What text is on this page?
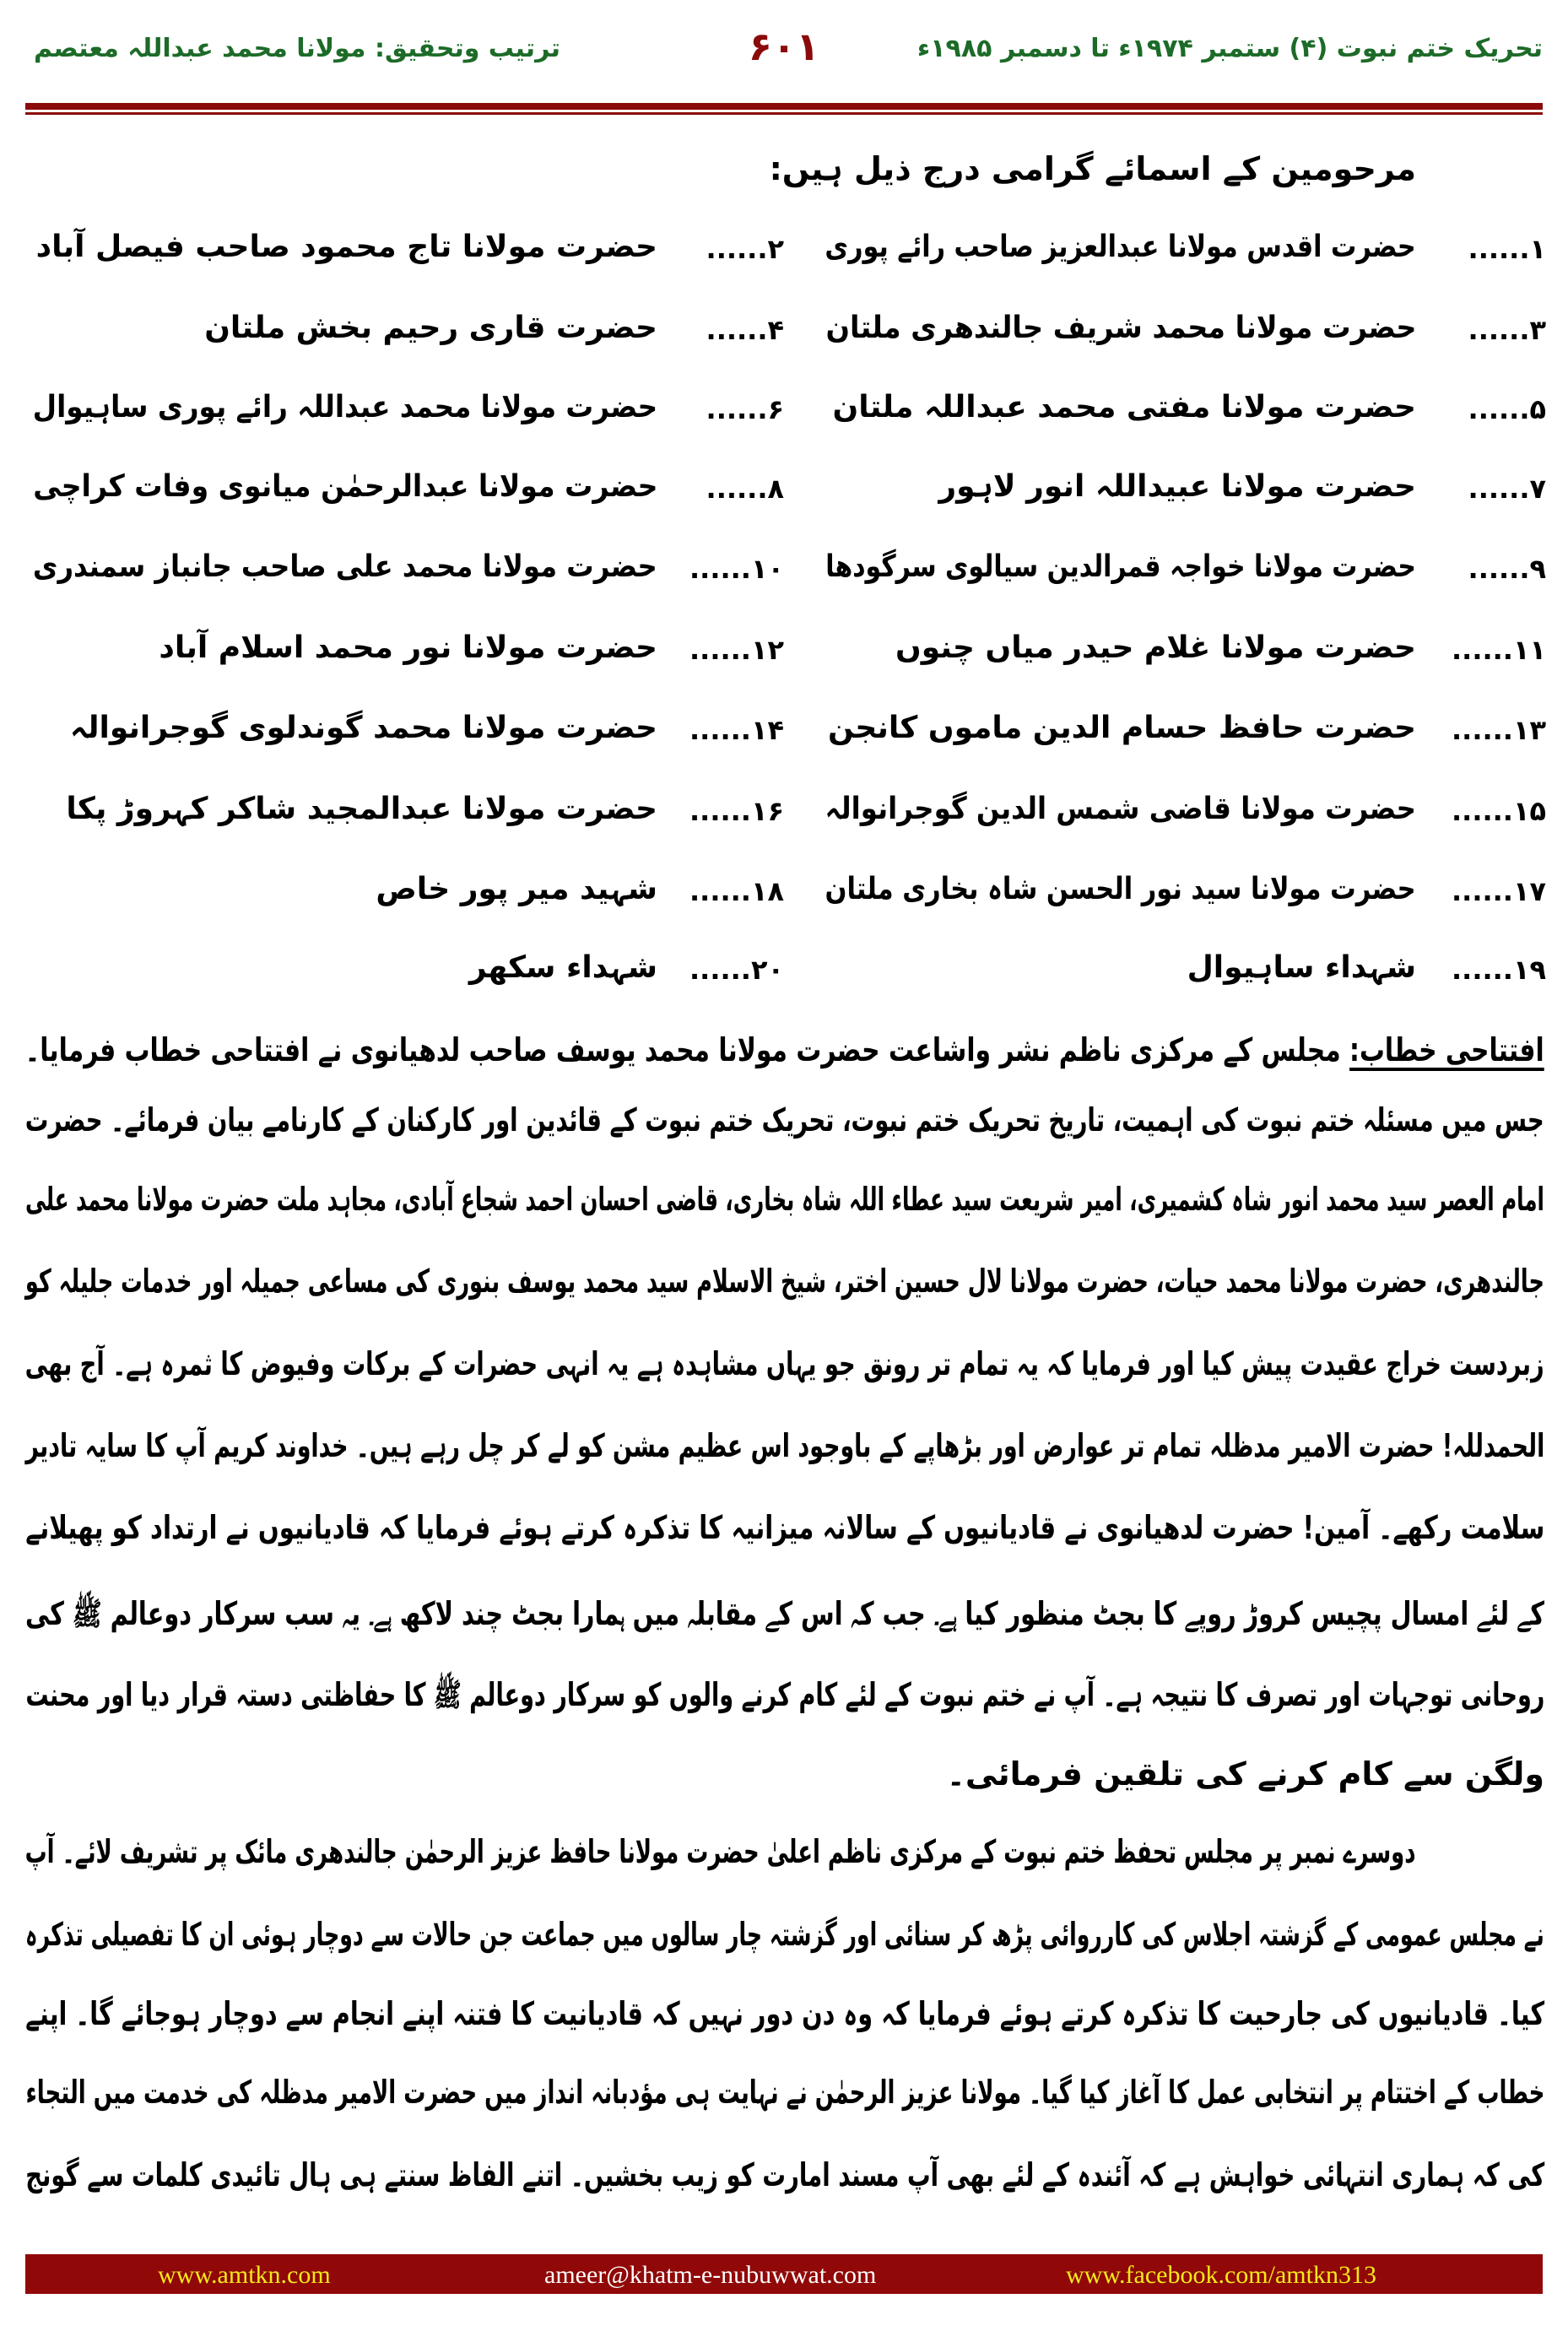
تحریک ختم نبوت (۴) ستمبر ۱۹۷۴ء تا دسمبر ۱۹۸۵ء
۶۰۱
ترتیب وتحقیق: مولانا محمد عبداللہ معتصم
مرحومین کے اسمائے گرامی درج ذیل ہیں:
۱......
حضرت اقدس مولانا عبدالعزیز صاحب رائے پوری
۲......
حضرت مولانا تاج محمود صاحب فیصل آباد
۳......
حضرت مولانا محمد شریف جالندھری ملتان
۴......
حضرت قاری رحیم بخش ملتان
۵......
حضرت مولانا مفتی محمد عبداللہ ملتان
۶......
حضرت مولانا محمد عبداللہ رائے پوری ساہیوال
۷......
حضرت مولانا عبیداللہ انور لاہور
۸......
حضرت مولانا عبدالرحمٰن میانوی وفات کراچی
۹......
حضرت مولانا خواجہ قمرالدین سیالوی سرگودھا
۱۰......
حضرت مولانا محمد علی صاحب جانباز سمندری
۱۱......
حضرت مولانا غلام حیدر میاں چنوں
۱۲......
حضرت مولانا نور محمد اسلام آباد
۱۳......
حضرت حافظ حسام الدین ماموں کانجن
۱۴......
حضرت مولانا محمد گوندلوی گوجرانوالہ
۱۵......
حضرت مولانا قاضی شمس الدین گوجرانوالہ
۱۶......
حضرت مولانا عبدالمجید شاکر کہروڑ پکا
۱۷......
حضرت مولانا سید نور الحسن شاہ بخاری ملتان
۱۸......
شہید میر پور خاص
۱۹......
شہداء ساہیوال
۲۰......
شہداء سکھر
افتتاحی خطاب: مجلس کے مرکزی ناظم نشر واشاعت حضرت مولانا محمد یوسف صاحب لدھیانوی نے افتتاحی خطاب فرمایا۔
جس میں مسئلہ ختم نبوت کی اہمیت، تاریخ تحریک ختم نبوت، تحریک ختم نبوت کے قائدین اور کارکنان کے کارنامے بیان فرمائے۔ حضرت
امام العصر سید محمد انور شاہ کشمیری، امیر شریعت سید عطاء اللہ شاہ بخاری، قاضی احسان احمد شجاع آبادی، مجاہد ملت حضرت مولانا محمد علی
جالندھری، حضرت مولانا محمد حیات، حضرت مولانا لال حسین اختر، شیخ الاسلام سید محمد یوسف بنوری کی مساعی جمیلہ اور خدمات جلیلہ کو
زبردست خراج عقیدت پیش کیا اور فرمایا کہ یہ تمام تر رونق جو یہاں مشاہدہ ہے یہ انہی حضرات کے برکات وفیوض کا ثمرہ ہے۔ آج بھی
الحمدللہ! حضرت الامیر مدظلہ تمام تر عوارض اور بڑھاپے کے باوجود اس عظیم مشن کو لے کر چل رہے ہیں۔ خداوند کریم آپ کا سایہ تادیر
سلامت رکھے۔ آمین! حضرت لدھیانوی نے قادیانیوں کے سالانہ میزانیہ کا تذکرہ کرتے ہوئے فرمایا کہ قادیانیوں نے ارتداد کو پھیلانے
کے لئے امسال پچیس کروڑ روپے کا بجٹ منظور کیا ہے۔ جب کہ اس کے مقابلہ میں ہمارا بجٹ چند لاکھ ہے۔ یہ سب سرکار دوعالم ﷺ کی
روحانی توجہات اور تصرف کا نتیجہ ہے۔ آپ نے ختم نبوت کے لئے کام کرنے والوں کو سرکار دوعالم ﷺ کا حفاظتی دستہ قرار دیا اور محنت
ولگن سے کام کرنے کی تلقین فرمائی۔
دوسرے نمبر پر مجلس تحفظ ختم نبوت کے مرکزی ناظم اعلیٰ حضرت مولانا حافظ عزیز الرحمٰن جالندھری مائک پر تشریف لائے۔ آپ
نے مجلس عمومی کے گزشتہ اجلاس کی کارروائی پڑھ کر سنائی اور گزشتہ چار سالوں میں جماعت جن حالات سے دوچار ہوئی ان کا تفصیلی تذکرہ
کیا۔ قادیانیوں کی جارحیت کا تذکرہ کرتے ہوئے فرمایا کہ وہ دن دور نہیں کہ قادیانیت کا فتنہ اپنے انجام سے دوچار ہوجائے گا۔ اپنے
خطاب کے اختتام پر انتخابی عمل کا آغاز کیا گیا۔ مولانا عزیز الرحمٰن نے نہایت ہی مؤدبانہ انداز میں حضرت الامیر مدظلہ کی خدمت میں التجاء
کی کہ ہماری انتہائی خواہش ہے کہ آئندہ کے لئے بھی آپ مسند امارت کو زیب بخشیں۔ اتنے الفاظ سنتے ہی ہال تائیدی کلمات سے گونج
www.amtkn.com	ameer@khatm-e-nubuwwat.com	www.facebook.com/amtkn313
